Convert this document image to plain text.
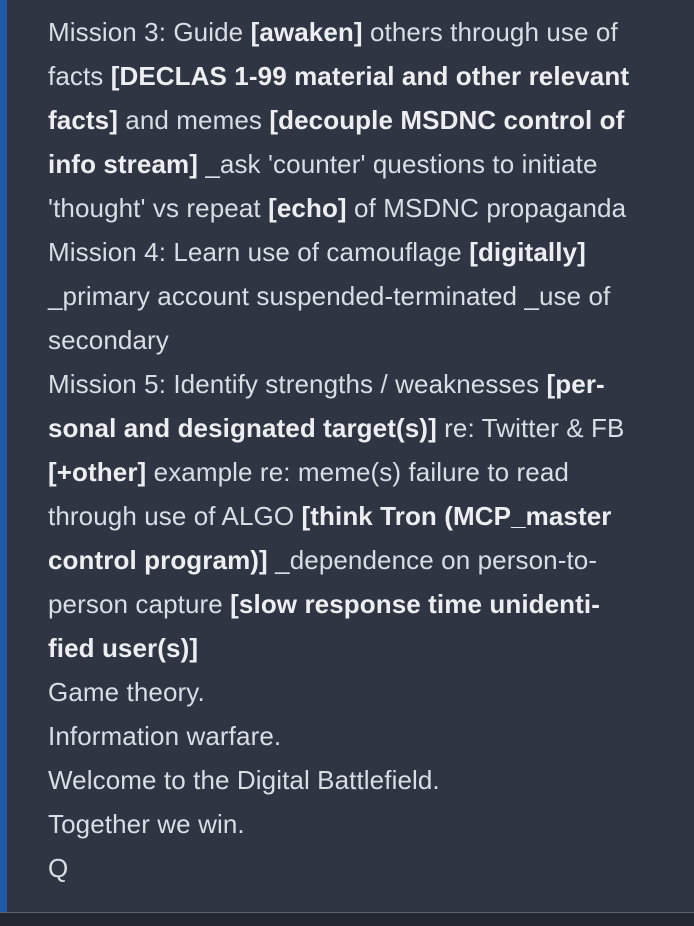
Mission 3: Guide [awaken] others through use of
facts [DECLAS 1-99 material and other relevant
facts] and memes [decouple MSDNC control of
info stream] _ask 'counter' questions to initiate
'thought' vs repeat [echo] of MSDNC propaganda
Mission 4: Learn use of camouflage [digitally]
_primary account suspended-terminated _use of
secondary
Mission 5: Identify strengths / weaknesses [per-
sonal and designated target(s)] re: Twitter & FB
[+other] example re: meme(s) failure to read
through use of ALGO [think Tron (MCP_master
control program)] _dependence on person-to-
person capture [slow response time unidenti-
fied user(s)]
Game theory.
Information warfare.
Welcome to the Digital Battlefield.
Together we win.
Q
